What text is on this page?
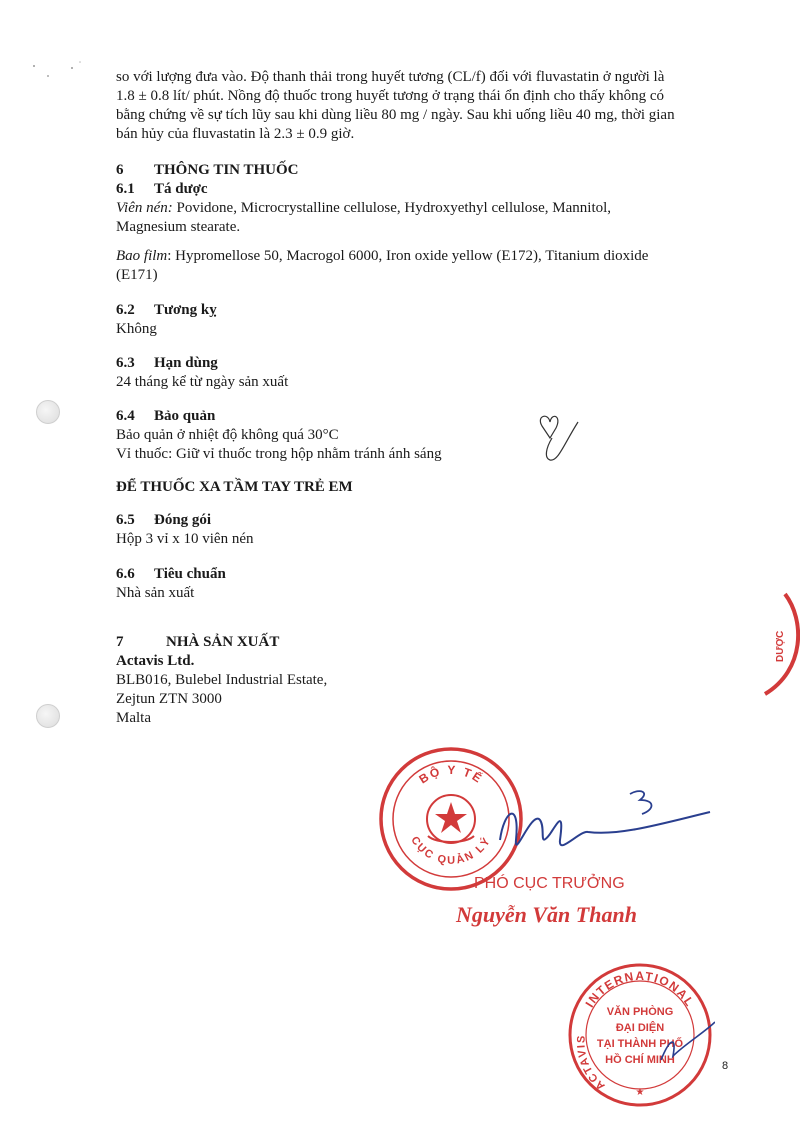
so với lượng đưa vào. Độ thanh thải trong huyết tương (CL/f) đối với fluvastatin ở người là

1.8 ± 0.8 lít/ phút. Nồng độ thuốc trong huyết tương ở trạng thái ổn định cho thấy không có

bằng chứng về sự tích lũy sau khi dùng liều 80 mg / ngày. Sau khi uống liều 40 mg, thời gian

bán hủy của fluvastatin là 2.3 ± 0.9 giờ.

6 THÔNG TIN THUỐC

6.1 Tá dược

Viên nén: Povidone, Microcrystalline cellulose, Hydroxyethyl cellulose, Mannitol,

Magnesium stearate.

Bao film: Hypromellose 50, Macrogol 6000, Iron oxide yellow (E172), Titanium dioxide

(E171)

6.2 Tương kỵ

Không

6.3 Hạn dùng

24 tháng kể từ ngày sản xuất

6.4 Bảo quản

Bảo quản ở nhiệt độ không quá 30°C

Vỉ thuốc: Giữ vỉ thuốc trong hộp nhằm tránh ánh sáng

ĐỂ THUỐC XA TẦM TAY TRẺ EM

6.5 Đóng gói

Hộp 3 vỉ x 10 viên nén

6.6 Tiêu chuẩn

Nhà sản xuất

7	NHÀ SẢN XUẤT

Actavis Ltd.

BLB016, Bulebel Industrial Estate,

Zejtun ZTN 3000

Malta

DƯỢC
BỘ Y TẾ
CỤC QUẢN LÝ
PHÓ CỤC TRƯỞNG
Nguyễn Văn Thanh
INTERNATIONAL
ACTAVIS
VĂN PHÒNG
ĐẠI DIỆN
TẠI THÀNH PHỐ
HỒ CHÍ MINH
★
8
